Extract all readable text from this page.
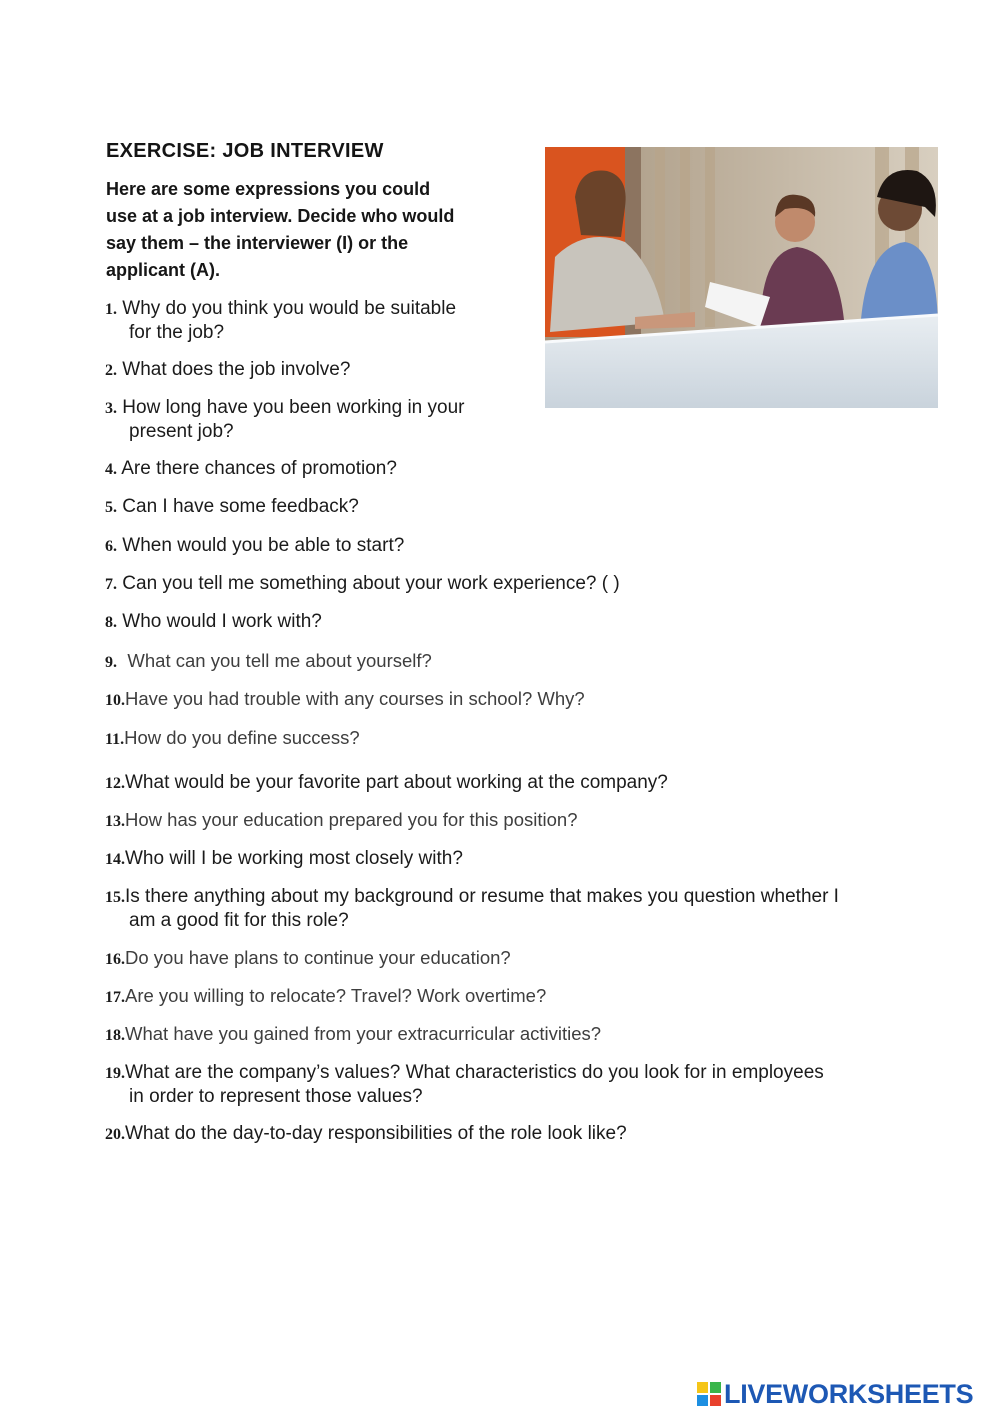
EXERCISE: JOB INTERVIEW
Here are some expressions you could use at a job interview. Decide who would say them – the interviewer (I) or the applicant (A).
1. Why do you think you would be suitable
for the job?
2. What does the job involve?
3. How long have you been working in your
present job?
4. Are there chances of promotion?
5. Can I have some feedback?
6. When would you be able to start?
7. Can you tell me something about your work experience? ( )
8. Who would I work with?
9.  What can you tell me about yourself?
10.Have you had trouble with any courses in school? Why?
11.How do you define success?
12.What would be your favorite part about working at the company?
13.How has your education prepared you for this position?
14.Who will I be working most closely with?
15.Is there anything about my background or resume that makes you question whether I
am a good fit for this role?
16.Do you have plans to continue your education?
17.Are you willing to relocate? Travel? Work overtime?
18.What have you gained from your extracurricular activities?
19.What are the company’s values? What characteristics do you look for in employees
in order to represent those values?
20.What do the day-to-day responsibilities of the role look like?
LIVEWORKSHEETS
